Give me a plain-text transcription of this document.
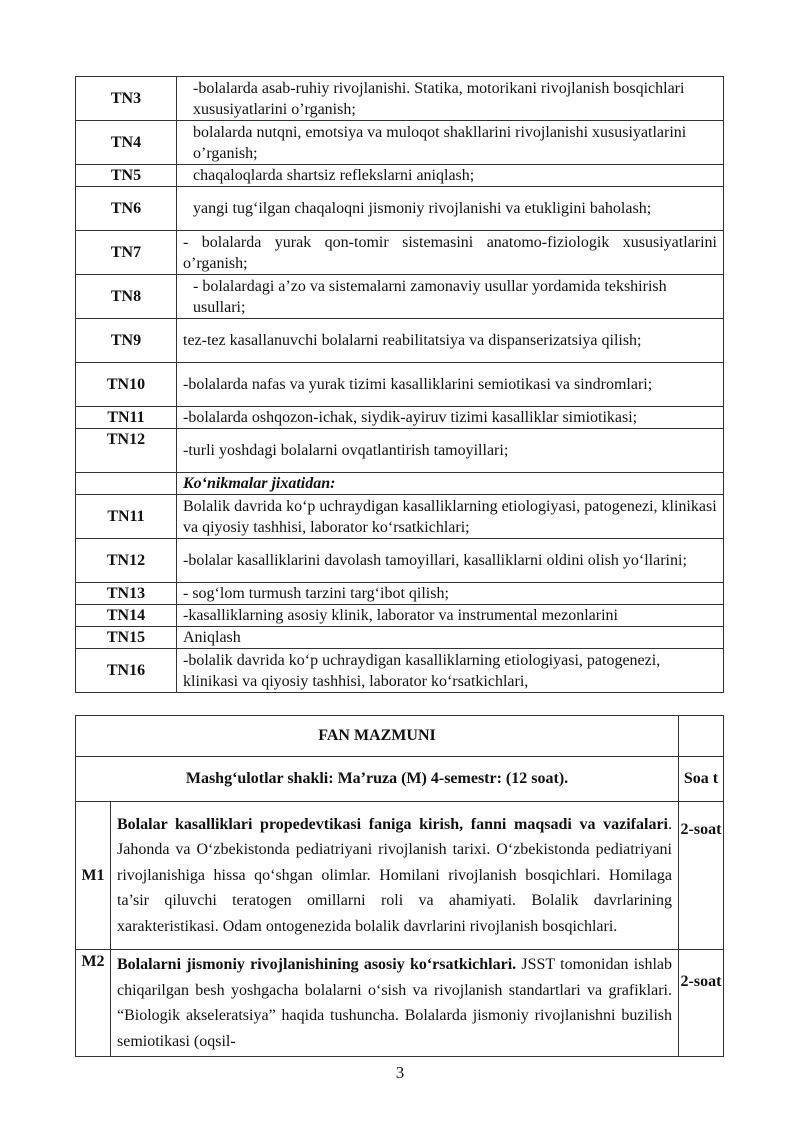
TN3	-bolalarda asab-ruhiy rivojlanishi. Statika, motorikani rivojlanish bosqichlari xususiyatlarini o’rganish;
TN4	bolalarda nutqni, emotsiya va muloqot shakllarini rivojlanishi xususiyatlarini o’rganish;
TN5	chaqaloqlarda shartsiz reflekslarni aniqlash;
TN6	yangi tug‘ilgan chaqaloqni jismoniy rivojlanishi va etukligini baholash;
TN7	- bolalarda yurak qon-tomir sistemasini anatomo-fiziologik xususiyatlarini o’rganish;
TN8	- bolalardagi a’zo va sistemalarni zamonaviy usullar yordamida tekshirish usullari;
TN9	tez-tez kasallanuvchi bolalarni reabilitatsiya va dispanserizatsiya qilish;
TN10	-bolalarda nafas va yurak tizimi kasalliklarini semiotikasi va sindromlari;
TN11	-bolalarda oshqozon-ichak, siydik-ayiruv tizimi kasalliklar simiotikasi;
TN12	-turli yoshdagi bolalarni ovqatlantirish tamoyillari;
	Ko‘nikmalar jixatidan:
TN11	Bolalik davrida ko‘p uchraydigan kasalliklarning etiologiyasi, patogenezi, klinikasi va qiyosiy tashhisi, laborator ko‘rsatkichlari;
TN12	-bolalar kasalliklarini davolash tamoyillari, kasalliklarni oldini olish yo‘llarini;
TN13	- sog‘lom turmush tarzini targ‘ibot qilish;
TN14	-kasalliklarning asosiy klinik, laborator va instrumental mezonlarini
TN15	Aniqlash
TN16	-bolalik davrida ko‘p uchraydigan kasalliklarning etiologiyasi, patogenezi, klinikasi va qiyosiy tashhisi, laborator ko‘rsatkichlari,
FAN MAZMUNI		
Mashg‘ulotlar shakli: Ma’ruza (M) 4-semestr: (12 soat).		Soa t
M1	Bolalar kasalliklari propedevtikasi faniga kirish, fanni maqsadi va vazifalari. Jahonda va O‘zbekistonda pediatriyani rivojlanish tarixi. O‘zbekistonda pediatriyani rivojlanishiga hissa qo‘shgan olimlar. Homilani rivojlanish bosqichlari. Homilaga ta’sir qiluvchi teratogen omillarni roli va ahamiyati. Bolalik davrlarining xarakteristikasi. Odam ontogenezida bolalik davrlarini rivojlanish bosqichlari.	2-soat
M2	Bolalarni jismoniy rivojlanishining asosiy ko‘rsatkichlari. JSST tomonidan ishlab chiqarilgan besh yoshgacha bolalarni o‘sish va rivojlanish standartlari va grafiklari. “Biologik akseleratsiya” haqida tushuncha. Bolalarda jismoniy rivojlanishni buzilish semiotikasi (oqsil-	2-soat
3
